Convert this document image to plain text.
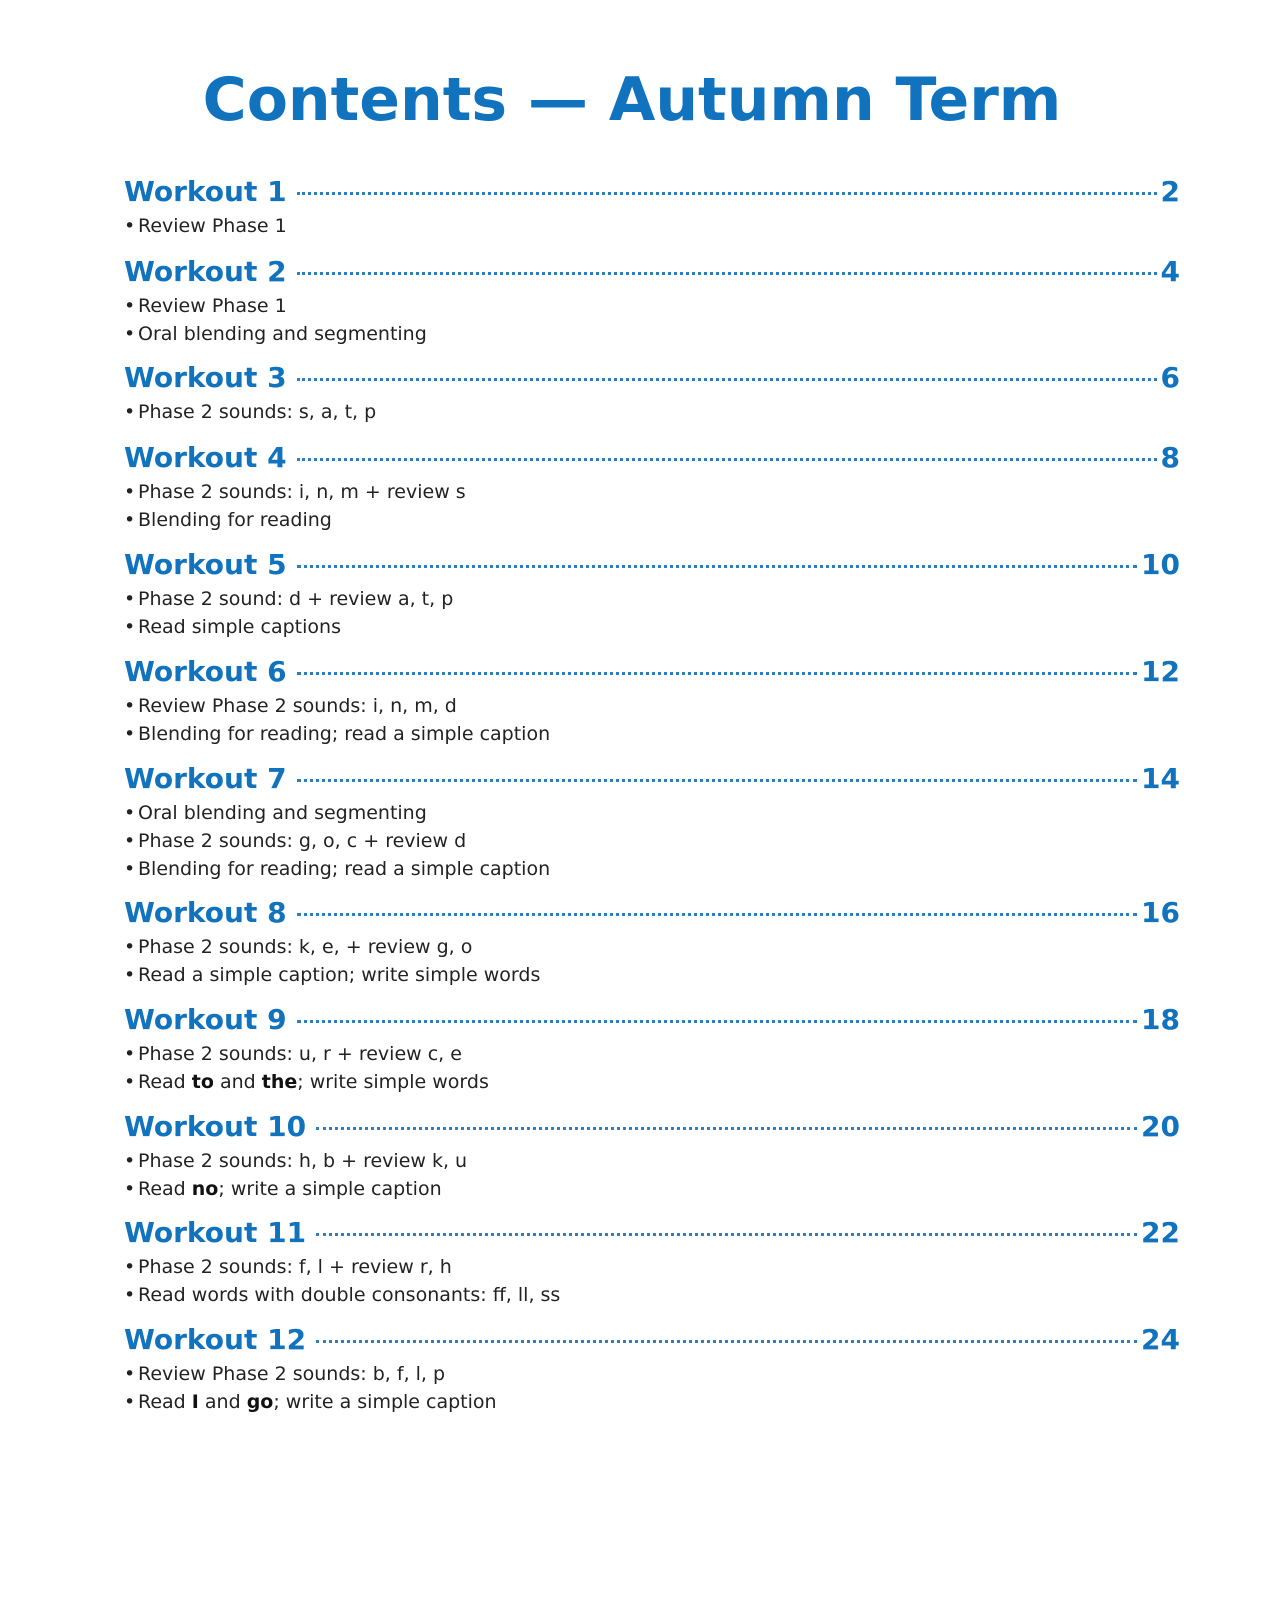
Contents — Autumn Term
Workout 1	2
• Review Phase 1
Workout 2	4
• Review Phase 1
• Oral blending and segmenting
Workout 3	6
• Phase 2 sounds: s, a, t, p
Workout 4	8
• Phase 2 sounds: i, n, m + review s
• Blending for reading
Workout 5	10
• Phase 2 sound: d + review a, t, p
• Read simple captions
Workout 6	12
• Review Phase 2 sounds: i, n, m, d
• Blending for reading; read a simple caption
Workout 7	14
• Oral blending and segmenting
• Phase 2 sounds: g, o, c + review d
• Blending for reading; read a simple caption
Workout 8	16
• Phase 2 sounds: k, e, + review g, o
• Read a simple caption; write simple words
Workout 9	18
• Phase 2 sounds: u, r + review c, e
• Read to and the; write simple words
Workout 10	20
• Phase 2 sounds: h, b + review k, u
• Read no; write a simple caption
Workout 11	22
• Phase 2 sounds: f, l + review r, h
• Read words with double consonants: ff, ll, ss
Workout 12	24
• Review Phase 2 sounds: b, f, l, p
• Read I and go; write a simple caption
